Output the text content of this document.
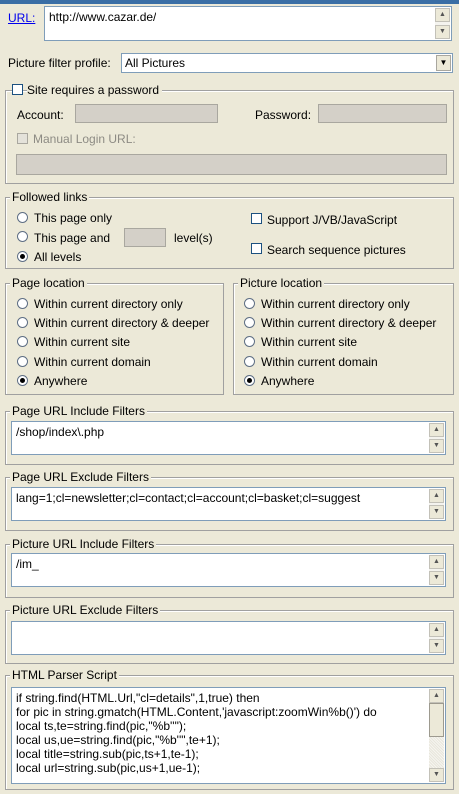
URL: http://www.cazar.de/	▲
▼
Picture filter profile: All Pictures	▼
Site requires a password
Account:	Password:
Manual Login URL:
Followed links
This page only
This page and	level(s)
All levels
Support J/VB/JavaScript
Search sequence pictures
Page location
Within current directory only
Within current directory & deeper
Within current site
Within current domain
Anywhere
Picture location
Within current directory only
Within current directory & deeper
Within current site
Within current domain
Anywhere
Page URL Include Filters
/shop/index\.php	▲
▼
Page URL Exclude Filters
lang=1;cl=newsletter;cl=contact;cl=account;cl=basket;cl=suggest	▲
▼
Picture URL Include Filters
/im_	▲
▼
Picture URL Exclude Filters
▲
▼
HTML Parser Script
if string.find(HTML.Url,"cl=details",1,true) then
for pic in string.gmatch(HTML.Content,'javascript:zoomWin%b()') do
local ts,te=string.find(pic,"%b''");
local us,ue=string.find(pic,"%b''",te+1);
local title=string.sub(pic,ts+1,te-1);
local url=string.sub(pic,us+1,ue-1);
▲
▼
